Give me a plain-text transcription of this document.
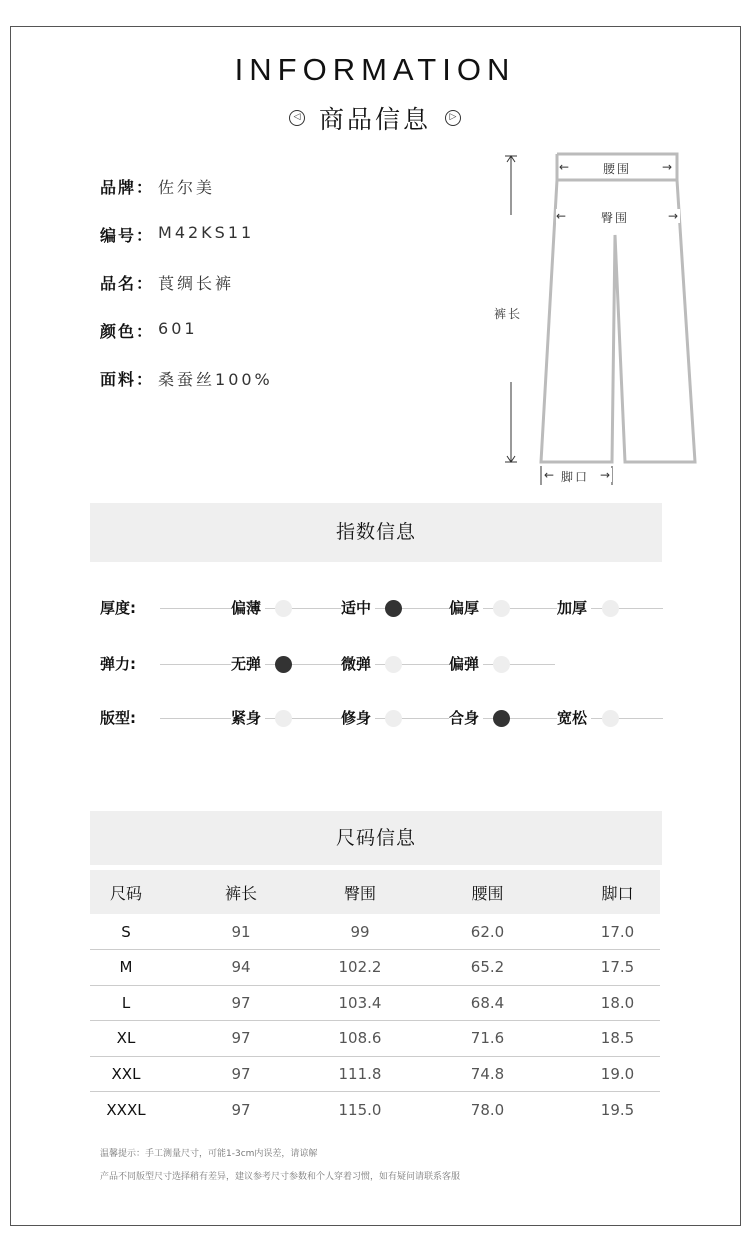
INFORMATION
◁ 商品信息	▷
品牌： 佐尔美
编号： M42KS11
品名： 莨绸长裤
颜色： 601
面料： 桑蚕丝100%
←	腰围	→
←	臀围	→
裤长
← 脚口 →
指数信息
厚度:	偏薄	适中	偏厚	加厚
弹力:	无弹	微弹	偏弹
版型:	紧身	修身	合身	宽松
尺码信息
尺码	裤长	臀围	腰围	脚口
S	91	99	62.0	17.0
M	94	102.2	65.2	17.5
L	97	103.4	68.4	18.0
XL	97	108.6	71.6	18.5
XXL	97	111.8	74.8	19.0
XXXL	97	115.0	78.0	19.5
温馨提示：手工测量尺寸，可能1-3cm内误差，请谅解
产品不同版型尺寸选择稍有差异，建议参考尺寸参数和个人穿着习惯，如有疑问请联系客服
